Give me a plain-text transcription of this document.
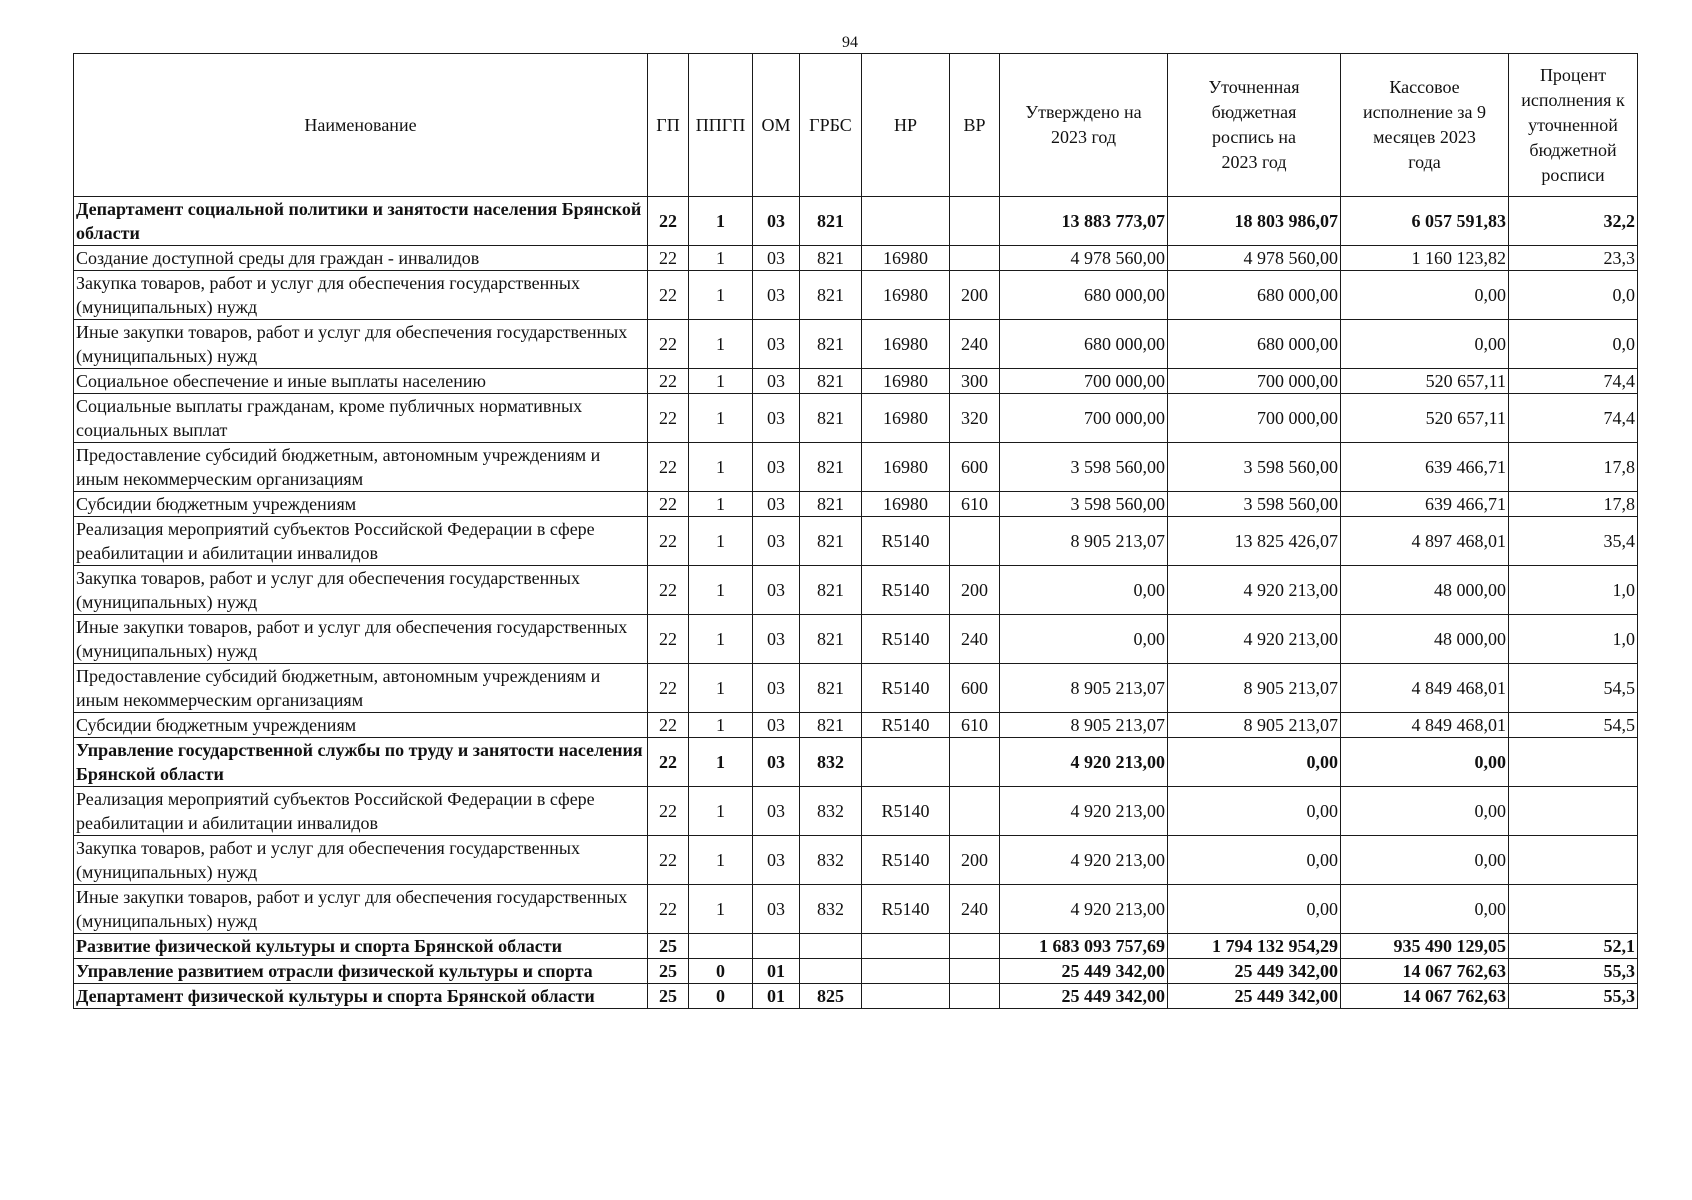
94
Наименование	ГП	ППГП	ОМ	ГРБС	НР	ВР	Утверждено на 2023 год	Уточненная бюджетная роспись на 2023 год	Кассовое исполнение за 9 месяцев 2023 года	Процент исполнения к уточненной бюджетной росписи
Департамент социальной политики и занятости населения Брянской области	22	1	03	821			13 883 773,07	18 803 986,07	6 057 591,83	32,2
Создание доступной среды для граждан - инвалидов	22	1	03	821	16980		4 978 560,00	4 978 560,00	1 160 123,82	23,3
Закупка товаров, работ и услуг для обеспечения государственных (муниципальных) нужд	22	1	03	821	16980	200	680 000,00	680 000,00	0,00	0,0
Иные закупки товаров, работ и услуг для обеспечения государственных (муниципальных) нужд	22	1	03	821	16980	240	680 000,00	680 000,00	0,00	0,0
Социальное обеспечение и иные выплаты населению	22	1	03	821	16980	300	700 000,00	700 000,00	520 657,11	74,4
Социальные выплаты гражданам, кроме публичных нормативных социальных выплат	22	1	03	821	16980	320	700 000,00	700 000,00	520 657,11	74,4
Предоставление субсидий бюджетным, автономным учреждениям и иным некоммерческим организациям	22	1	03	821	16980	600	3 598 560,00	3 598 560,00	639 466,71	17,8
Субсидии бюджетным учреждениям	22	1	03	821	16980	610	3 598 560,00	3 598 560,00	639 466,71	17,8
Реализация мероприятий субъектов Российской Федерации в сфере реабилитации и абилитации инвалидов	22	1	03	821	R5140		8 905 213,07	13 825 426,07	4 897 468,01	35,4
Закупка товаров, работ и услуг для обеспечения государственных (муниципальных) нужд	22	1	03	821	R5140	200	0,00	4 920 213,00	48 000,00	1,0
Иные закупки товаров, работ и услуг для обеспечения государственных (муниципальных) нужд	22	1	03	821	R5140	240	0,00	4 920 213,00	48 000,00	1,0
Предоставление субсидий бюджетным, автономным учреждениям и иным некоммерческим организациям	22	1	03	821	R5140	600	8 905 213,07	8 905 213,07	4 849 468,01	54,5
Субсидии бюджетным учреждениям	22	1	03	821	R5140	610	8 905 213,07	8 905 213,07	4 849 468,01	54,5
Управление государственной службы по труду и занятости населения Брянской области	22	1	03	832			4 920 213,00	0,00	0,00	
Реализация мероприятий субъектов Российской Федерации в сфере реабилитации и абилитации инвалидов	22	1	03	832	R5140		4 920 213,00	0,00	0,00	
Закупка товаров, работ и услуг для обеспечения государственных (муниципальных) нужд	22	1	03	832	R5140	200	4 920 213,00	0,00	0,00	
Иные закупки товаров, работ и услуг для обеспечения государственных (муниципальных) нужд	22	1	03	832	R5140	240	4 920 213,00	0,00	0,00	
Развитие физической культуры и спорта Брянской области	25						1 683 093 757,69	1 794 132 954,29	935 490 129,05	52,1
Управление развитием отрасли физической культуры и спорта	25	0	01				25 449 342,00	25 449 342,00	14 067 762,63	55,3
Департамент физической культуры и спорта Брянской области	25	0	01	825			25 449 342,00	25 449 342,00	14 067 762,63	55,3
